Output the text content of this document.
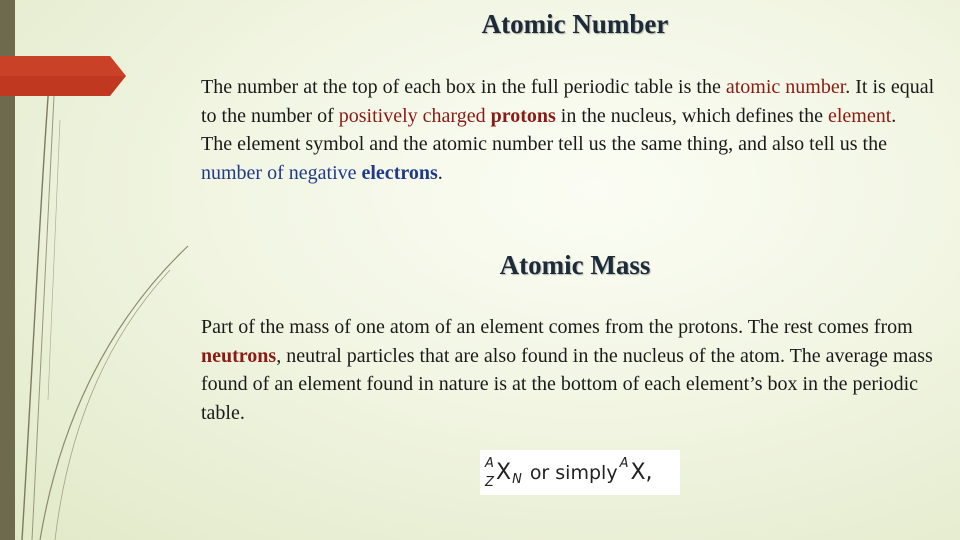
Atomic Number
The number at the top of each box in the full periodic table is the atomic number. It is equal to the number of positively charged protons in the nucleus, which defines the element.
The element symbol and the atomic number tell us the same thing, and also tell us the number of negative electrons.
Atomic Mass
Part of the mass of one atom of an element comes from the protons. The rest comes from neutrons, neutral particles that are also found in the nucleus of the atom. The average mass found of an element found in nature is at the bottom of each element’s box in the periodic table.
A
Z X N or simply A X,
